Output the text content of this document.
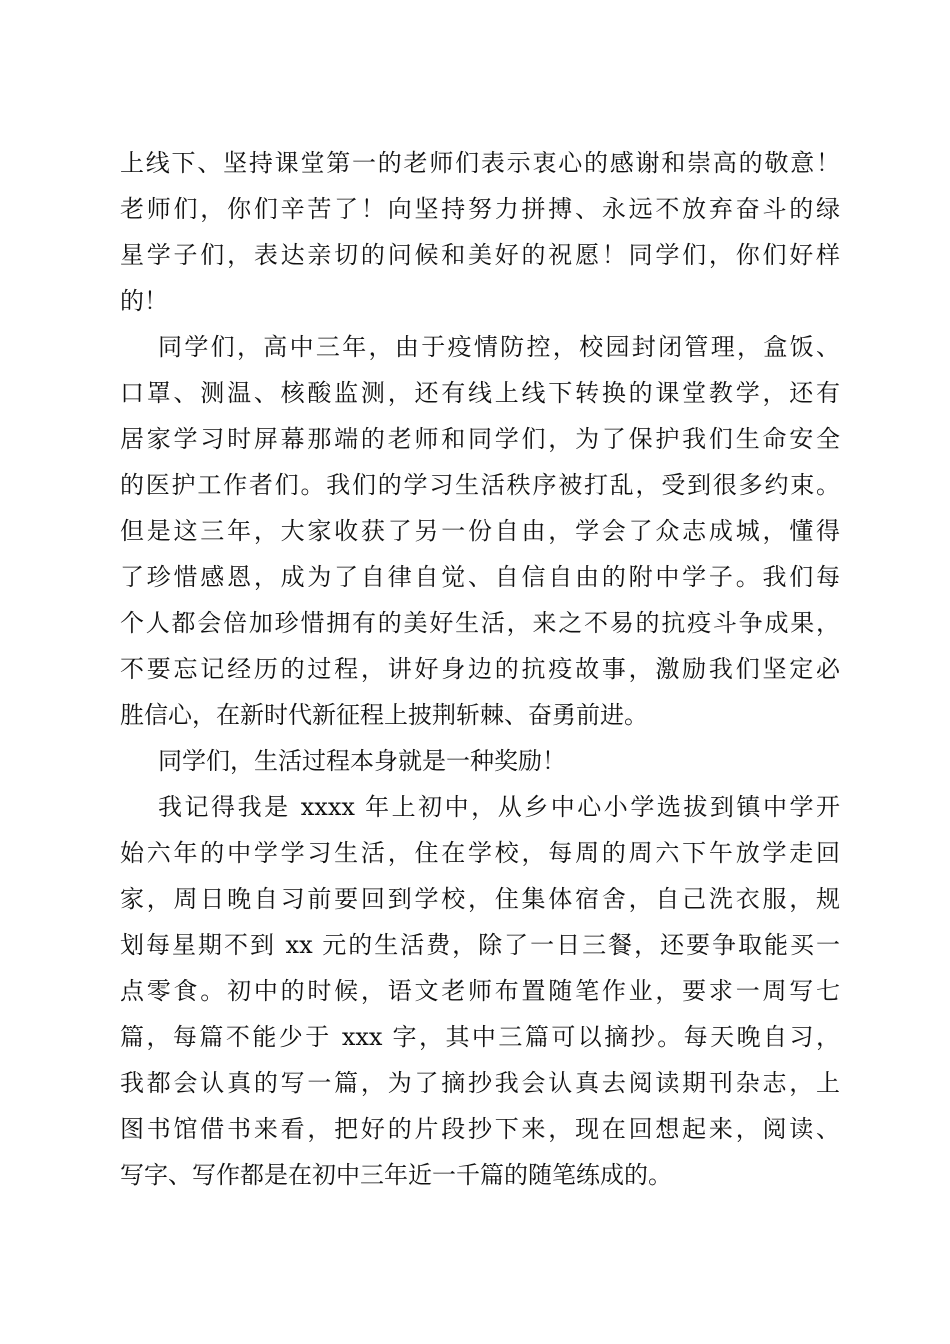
上线下、坚持课堂第一的老师们表示衷心的感谢和崇高的敬意！
老师们，你们辛苦了！向坚持努力拼搏、永远不放弃奋斗的绿
星学子们，表达亲切的问候和美好的祝愿！同学们，你们好样
的！
同学们，高中三年，由于疫情防控，校园封闭管理，盒饭、
口罩、测温、核酸监测，还有线上线下转换的课堂教学，还有
居家学习时屏幕那端的老师和同学们，为了保护我们生命安全
的医护工作者们。我们的学习生活秩序被打乱，受到很多约束。
但是这三年，大家收获了另一份自由，学会了众志成城，懂得
了珍惜感恩，成为了自律自觉、自信自由的附中学子。我们每
个人都会倍加珍惜拥有的美好生活，来之不易的抗疫斗争成果，
不要忘记经历的过程，讲好身边的抗疫故事，激励我们坚定必
胜信心，在新时代新征程上披荆斩棘、奋勇前进。
同学们，生活过程本身就是一种奖励！
我记得我是 xxxx 年上初中，从乡中心小学选拔到镇中学开
始六年的中学学习生活，住在学校，每周的周六下午放学走回
家，周日晚自习前要回到学校，住集体宿舍，自己洗衣服，规
划每星期不到 xx 元的生活费，除了一日三餐，还要争取能买一
点零食。初中的时候，语文老师布置随笔作业，要求一周写七
篇，每篇不能少于 xxx 字，其中三篇可以摘抄。每天晚自习，
我都会认真的写一篇，为了摘抄我会认真去阅读期刊杂志，上
图书馆借书来看，把好的片段抄下来，现在回想起来，阅读、
写字、写作都是在初中三年近一千篇的随笔练成的。
